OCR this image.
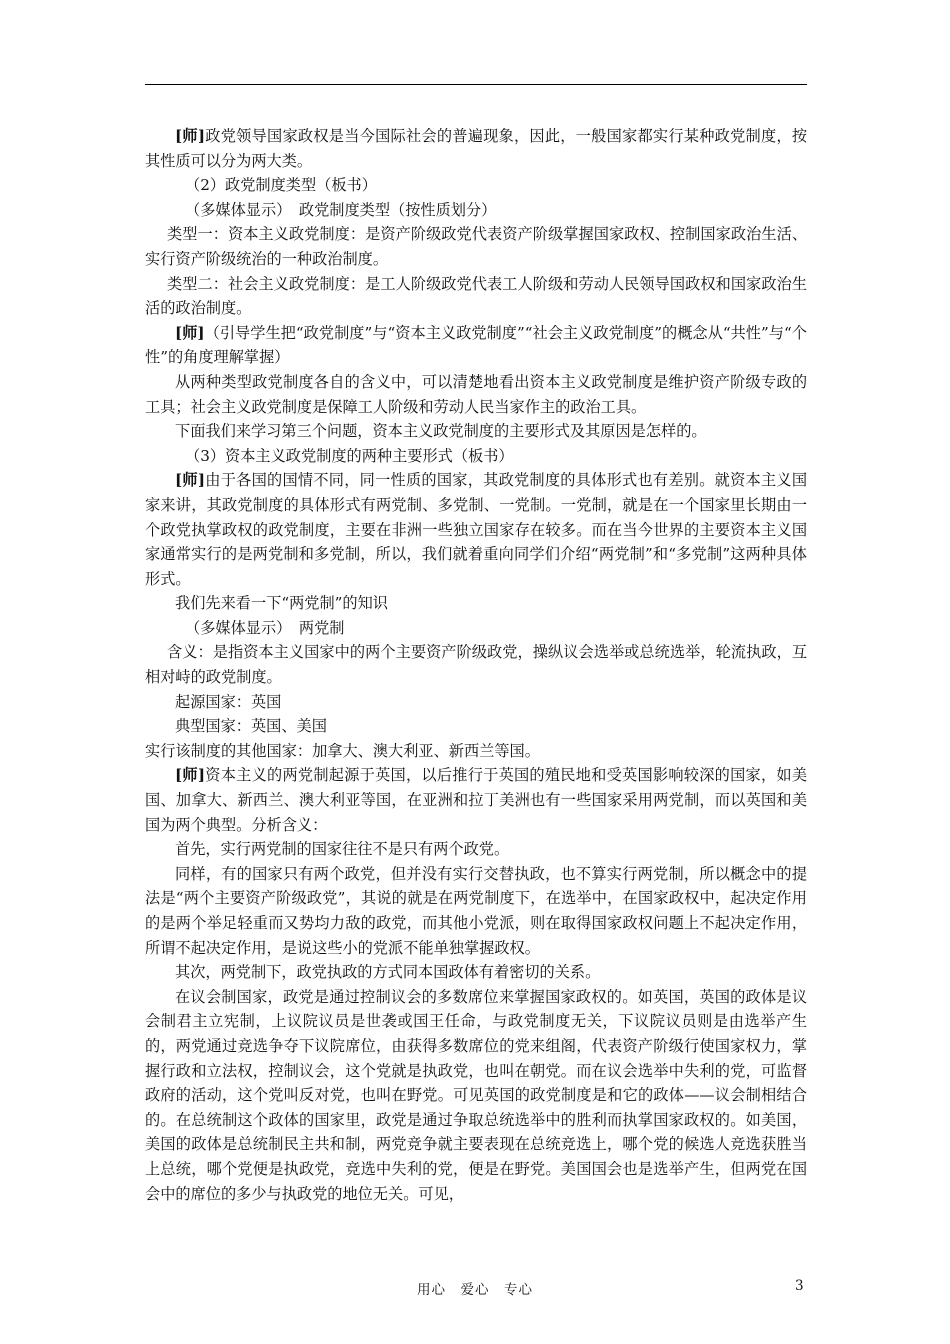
[师]政党领导国家政权是当今国际社会的普遍现象，因此，一般国家都实行某种政党制度，按其性质可以分为两大类。

（2）政党制度类型（板书）

（多媒体显示）　政党制度类型（按性质划分）

类型一：资本主义政党制度：是资产阶级政党代表资产阶级掌握国家政权、控制国家政治生活、实行资产阶级统治的一种政治制度。

类型二：社会主义政党制度：是工人阶级政党代表工人阶级和劳动人民领导国政权和国家政治生活的政治制度。

[师]（引导学生把“政党制度”与“资本主义政党制度”“社会主义政党制度”的概念从“共性”与“个性”的角度理解掌握）

从两种类型政党制度各自的含义中，可以清楚地看出资本主义政党制度是维护资产阶级专政的工具；社会主义政党制度是保障工人阶级和劳动人民当家作主的政治工具。

下面我们来学习第三个问题，资本主义政党制度的主要形式及其原因是怎样的。

（3）资本主义政党制度的两种主要形式（板书）

[师]由于各国的国情不同，同一性质的国家，其政党制度的具体形式也有差别。就资本主义国家来讲，其政党制度的具体形式有两党制、多党制、一党制。一党制，就是在一个国家里长期由一个政党执掌政权的政党制度，主要在非洲一些独立国家存在较多。而在当今世界的主要资本主义国家通常实行的是两党制和多党制，所以，我们就着重向同学们介绍“两党制”和“多党制”这两种具体形式。

我们先来看一下“两党制”的知识

（多媒体显示）　两党制

含义：是指资本主义国家中的两个主要资产阶级政党，操纵议会选举或总统选举，轮流执政，互相对峙的政党制度。

起源国家：英国

典型国家：英国、美国

实行该制度的其他国家：加拿大、澳大利亚、新西兰等国。

[师]资本主义的两党制起源于英国，以后推行于英国的殖民地和受英国影响较深的国家，如美国、加拿大、新西兰、澳大利亚等国，在亚洲和拉丁美洲也有一些国家采用两党制，而以英国和美国为两个典型。分析含义：

首先，实行两党制的国家往往不是只有两个政党。

同样，有的国家只有两个政党，但并没有实行交替执政，也不算实行两党制，所以概念中的提法是“两个主要资产阶级政党”，其说的就是在两党制度下，在选举中，在国家政权中，起决定作用的是两个举足轻重而又势均力敌的政党，而其他小党派，则在取得国家政权问题上不起决定作用，所谓不起决定作用，是说这些小的党派不能单独掌握政权。

其次，两党制下，政党执政的方式同本国政体有着密切的关系。

在议会制国家，政党是通过控制议会的多数席位来掌握国家政权的。如英国，英国的政体是议会制君主立宪制，上议院议员是世袭或国王任命，与政党制度无关，下议院议员则是由选举产生的，两党通过竞选争夺下议院席位，由获得多数席位的党来组阁，代表资产阶级行使国家权力，掌握行政和立法权，控制议会，这个党就是执政党，也叫在朝党。而在议会选举中失利的党，可监督政府的活动，这个党叫反对党，也叫在野党。可见英国的政党制度是和它的政体——议会制相结合的。在总统制这个政体的国家里，政党是通过争取总统选举中的胜利而执掌国家政权的。如美国，美国的政体是总统制民主共和制，两党竞争就主要表现在总统竞选上，哪个党的候选人竞选获胜当上总统，哪个党便是执政党，竞选中失利的党，便是在野党。美国国会也是选举产生，但两党在国会中的席位的多少与执政党的地位无关。可见，

用心　爱心　专心	3
